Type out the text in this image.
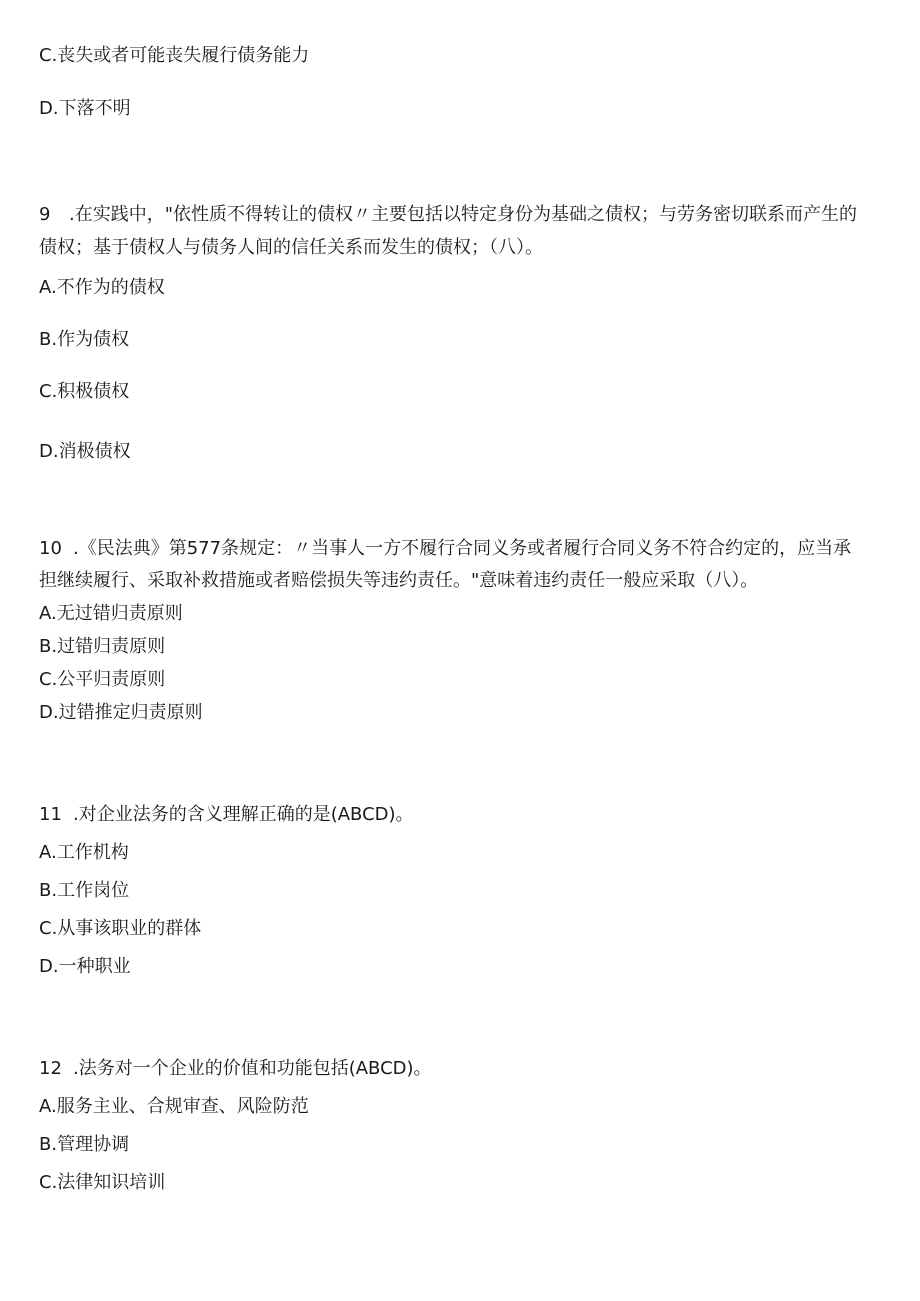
C.丧失或者可能丧失履行债务能力
D.下落不明
9 .在实践中，"依性质不得转让的债权〃主要包括以特定身份为基础之债权；与劳务密切联系而产生的
债权；基于债权人与债务人间的信任关系而发生的债权；（八）。
A.不作为的债权
B.作为债权
C.积极债权
D.消极债权
10 .《民法典》第577条规定：〃当事人一方不履行合同义务或者履行合同义务不符合约定的，应当承
担继续履行、采取补救措施或者赔偿损失等违约责任。"意味着违约责任一般应采取（八）。
A.无过错归责原则
B.过错归责原则
C.公平归责原则
D.过错推定归责原则
11 .对企业法务的含义理解正确的是(ABCD)。
A.工作机构
B.工作岗位
C.从事该职业的群体
D.一种职业
12 .法务对一个企业的价值和功能包括(ABCD)。
A.服务主业、合规审查、风险防范
B.管理协调
C.法律知识培训
